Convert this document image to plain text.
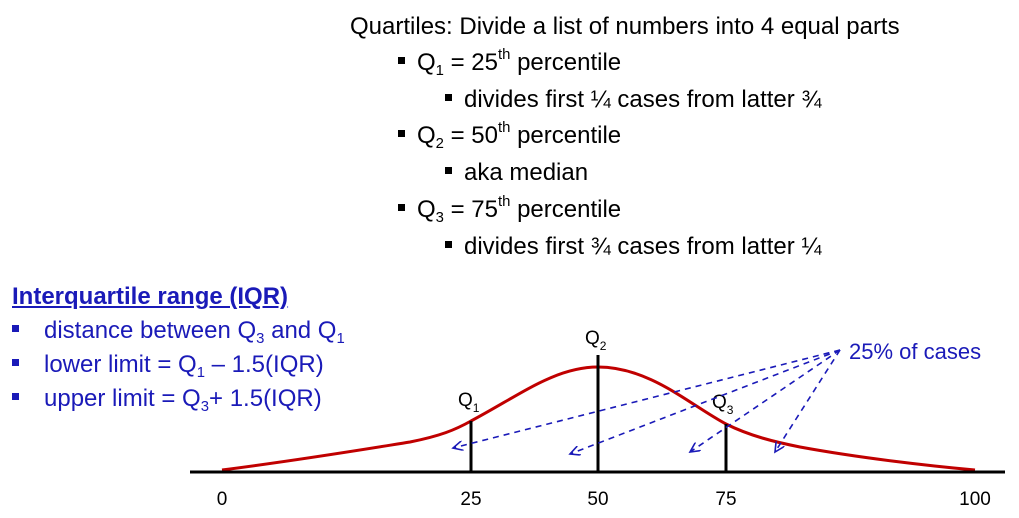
Quartiles: Divide a list of numbers into 4 equal parts
$Q_1 = 25th$ percentile
divides first ¼ cases from latter ¾
$Q_2 = 50th$ percentile
aka median
$Q_3 = 75th$ percentile
divides first ¾ cases from latter ¼
Interquartile range (IQR)
distance between $Q_3$ and $Q_1$
lower limit = $Q_1 - 1.5(IQR)$
upper limit = $Q_3+ 1.5(IQR)$	$Q_1$
$Q_2$
$Q_3$
0	25	50	75	100
25% of cases
